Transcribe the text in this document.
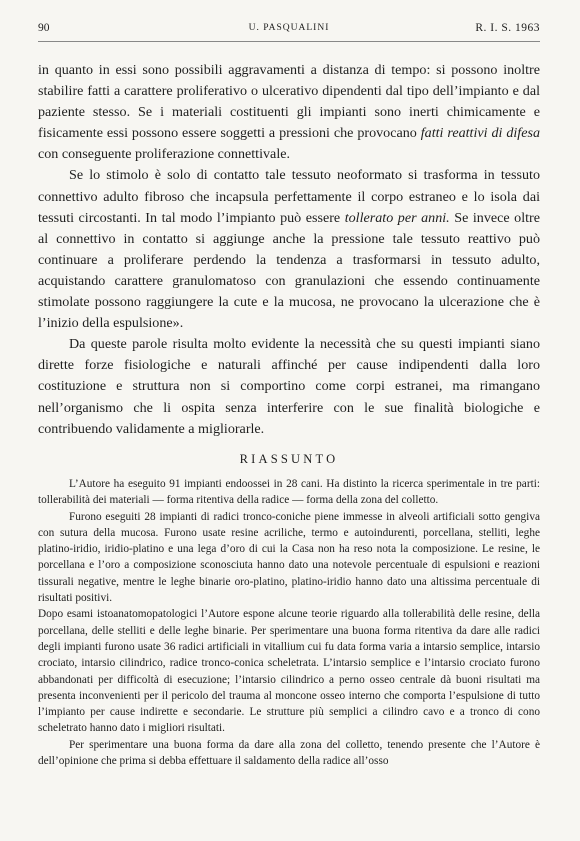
90	U. PASQUALINI	R. I. S. 1963

in quanto in essi sono possibili aggravamenti a distanza di tempo: si possono inoltre stabilire fatti a carattere proliferativo o ulcerativo dipendenti dal tipo dell’impianto e dal paziente stesso. Se i materiali costituenti gli impianti sono inerti chimicamente e fisicamente essi possono essere soggetti a pressioni che provocano fatti reattivi di difesa con conseguente proliferazione connettivale.

Se lo stimolo è solo di contatto tale tessuto neoformato si trasforma in tessuto connettivo adulto fibroso che incapsula perfettamente il corpo estraneo e lo isola dai tessuti circostanti. In tal modo l’impianto può essere tollerato per anni. Se invece oltre al connettivo in contatto si aggiunge anche la pressione tale tessuto reattivo può continuare a proliferare perdendo la tendenza a trasformarsi in tessuto adulto, acquistando carattere granulomatoso con granulazioni che essendo continuamente stimolate possono raggiungere la cute e la mucosa, ne provocano la ulcerazione che è l’inizio della espulsione».

Da queste parole risulta molto evidente la necessità che su questi impianti siano dirette forze fisiologiche e naturali affinché per cause indipendenti dalla loro costituzione e struttura non si comportino come corpi estranei, ma rimangano nell’organismo che li ospita senza interferire con le sue finalità biologiche e contribuendo validamente a migliorarle.

RIASSUNTO

L’Autore ha eseguito 91 impianti endoossei in 28 cani. Ha distinto la ricerca sperimentale in tre parti: tollerabilità dei materiali — forma ritentiva della radice — forma della zona del colletto.

Furono eseguiti 28 impianti di radici tronco-coniche piene immesse in alveoli artificiali sotto gengiva con sutura della mucosa. Furono usate resine acriliche, termo e autoindurenti, porcellana, stelliti, leghe platino-iridio, iridio-platino e una lega d’oro di cui la Casa non ha reso nota la composizione. Le resine, le porcellana e l’oro a composizione sconosciuta hanno dato una notevole percentuale di espulsioni e reazioni tissurali negative, mentre le leghe binarie oro-platino, platino-iridio hanno dato una altissima percentuale di risultati positivi.

Dopo esami istoanatomopatologici l’Autore espone alcune teorie riguardo alla tollerabilità delle resine, della porcellana, delle stelliti e delle leghe binarie. Per sperimentare una buona forma ritentiva da dare alle radici degli impianti furono usate 36 radici artificiali in vitallium cui fu data forma varia a intarsio semplice, intarsio crociato, intarsio cilindrico, radice tronco-conica scheletrata. L’intarsio semplice e l’intarsio crociato furono abbandonati per difficoltà di esecuzione; l’intarsio cilindrico a perno osseo centrale dà buoni risultati ma presenta inconvenienti per il pericolo del trauma al moncone osseo interno che comporta l’espulsione di tutto l’impianto per cause indirette e secondarie. Le strutture più semplici a cilindro cavo e a tronco di cono scheletrato hanno dato i migliori risultati.

Per sperimentare una buona forma da dare alla zona del colletto, tenendo presente che l’Autore è dell’opinione che prima si debba effettuare il saldamento della radice all’osso
